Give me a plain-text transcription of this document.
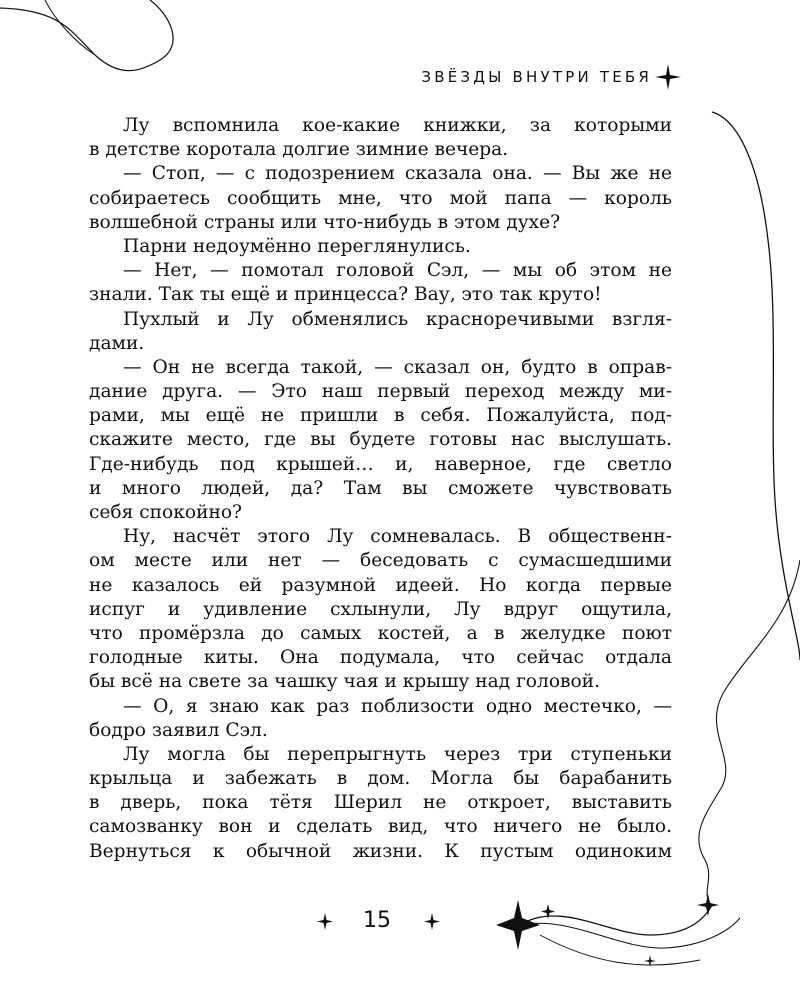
ЗВЁЗДЫ ВНУТРИ ТЕБЯ
Лу вспомнила кое-какие книжки, за которыми
в детстве коротала долгие зимние вечера.
— Стоп, — с подозрением сказала она. — Вы же не
собираетесь сообщить мне, что мой папа — король
волшебной страны или что-нибудь в этом духе?
Парни недоумённо переглянулись.
— Нет, — помотал головой Сэл, — мы об этом не
знали. Так ты ещё и принцесса? Вау, это так круто!
Пухлый и Лу обменялись красноречивыми взгля-
дами.
— Он не всегда такой, — сказал он, будто в оправ-
дание друга. — Это наш первый переход между ми-
рами, мы ещё не пришли в себя. Пожалуйста, под-
скажите место, где вы будете готовы нас выслушать.
Где-нибудь под крышей… и, наверное, где светло
и много людей, да? Там вы сможете чувствовать
себя спокойно?
Ну, насчёт этого Лу сомневалась. В общественн-
ом месте или нет — беседовать с сумасшедшими
не казалось ей разумной идеей. Но когда первые
испуг и удивление схлынули, Лу вдруг ощутила,
что промёрзла до самых костей, а в желудке поют
голодные киты. Она подумала, что сейчас отдала
бы всё на свете за чашку чая и крышу над головой.
— О, я знаю как раз поблизости одно местечко, —
бодро заявил Сэл.
Лу могла бы перепрыгнуть через три ступеньки
крыльца и забежать в дом. Могла бы барабанить
в дверь, пока тётя Шерил не откроет, выставить
самозванку вон и сделать вид, что ничего не было.
Вернуться к обычной жизни. К пустым одиноким
15
